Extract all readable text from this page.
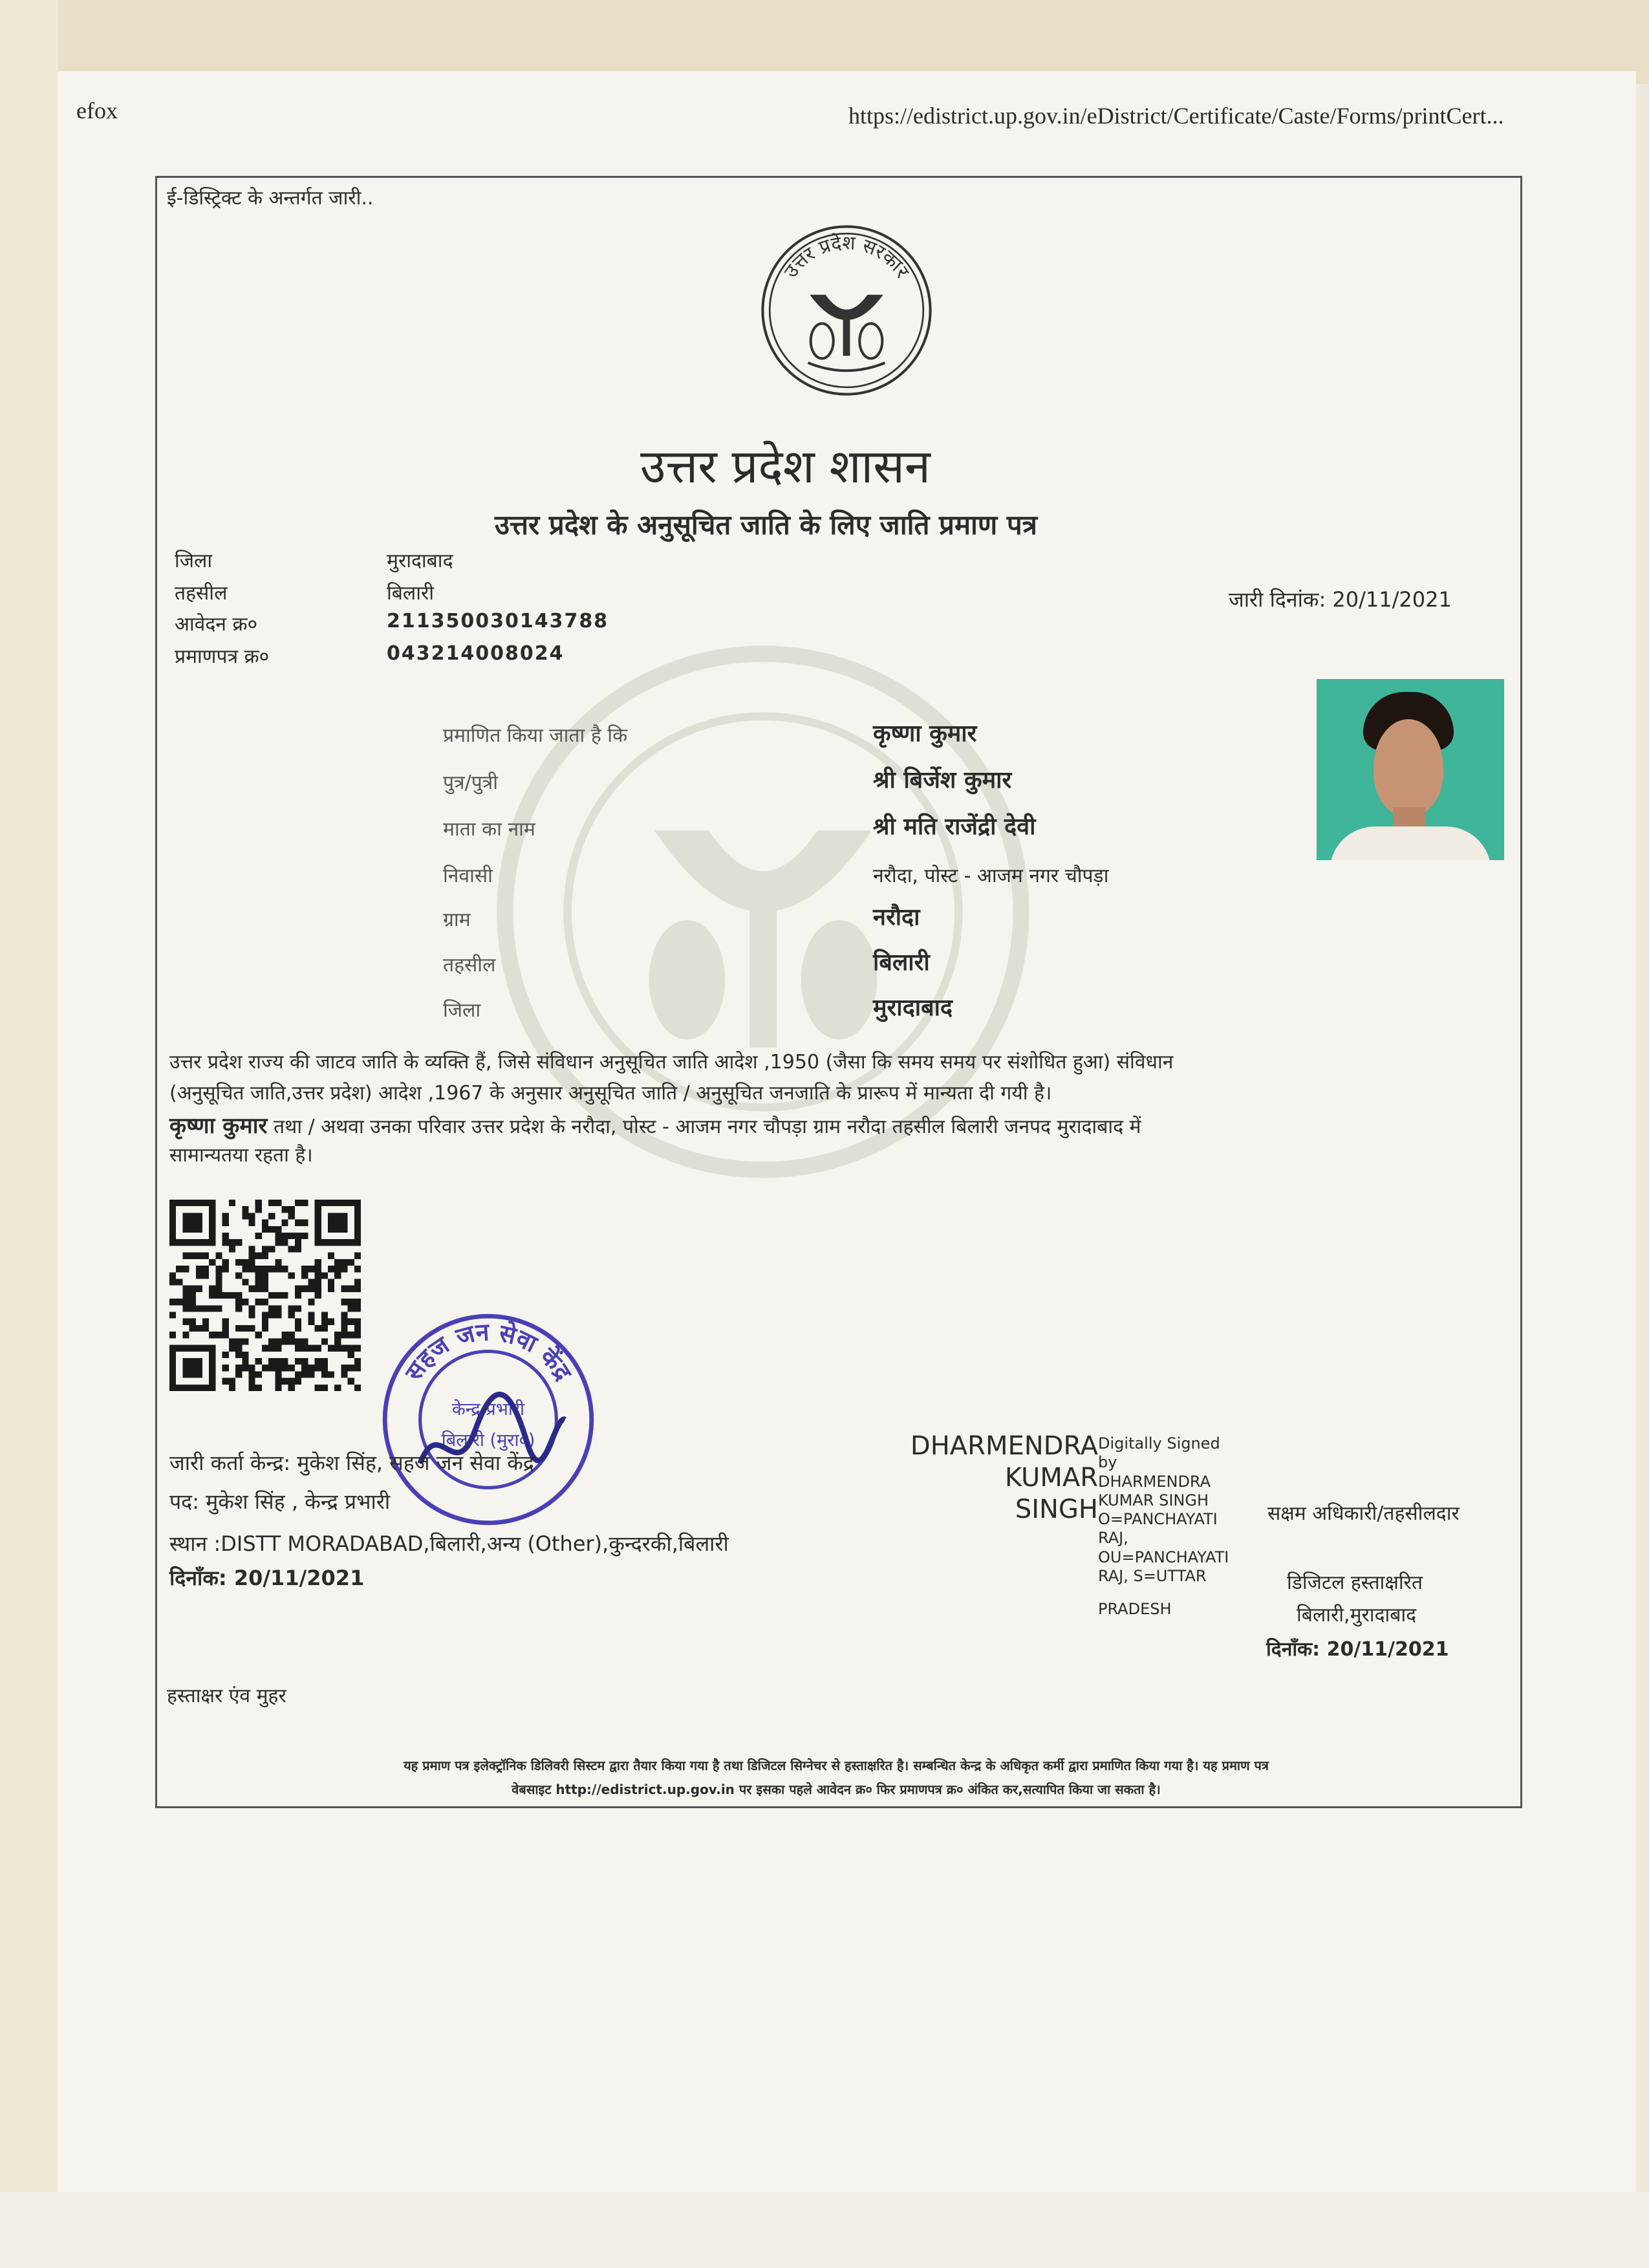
efox	https://edistrict.up.gov.in/eDistrict/Certificate/Caste/Forms/printCert...
ई-डिस्ट्रिक्ट के अन्तर्गत जारी..
उत्तर प्रदेश सरकार
उत्तर प्रदेश शासन
उत्तर प्रदेश के अनुसूचित जाति के लिए जाति प्रमाण पत्र
जिला	मुरादाबाद
तहसील	बिलारी
आवेदन क्र०	211350030143788
प्रमाणपत्र क्र०	043214008024
जारी दिनांक: 20/11/2021
प्रमाणित किया जाता है कि	कृष्णा कुमार
पुत्र/पुत्री	श्री बिर्जेश कुमार
माता का नाम	श्री मति राजेंद्री देवी
निवासी	नरौदा, पोस्ट - आजम नगर चौपड़ा
ग्राम	नरौदा
तहसील	बिलारी
जिला	मुरादाबाद
उत्तर प्रदेश राज्य की जाटव जाति के व्यक्ति हैं, जिसे संविधान अनुसूचित जाति आदेश ,1950 (जैसा कि समय समय पर संशोधित हुआ) संविधान
(अनुसूचित जाति,उत्तर प्रदेश) आदेश ,1967 के अनुसार अनुसूचित जाति / अनुसूचित जनजाति के प्रारूप में मान्यता दी गयी है।
कृष्णा कुमार तथा / अथवा उनका परिवार उत्तर प्रदेश के नरौदा, पोस्ट - आजम नगर चौपड़ा ग्राम नरौदा तहसील बिलारी जनपद मुरादाबाद में
सामान्यतया रहता है।
सहज जन सेवा केंद्र
केन्द्र प्रभारी
बिलारी (मुरा०)
जारी कर्ता केन्द्र: मुकेश सिंह, सहज जन सेवा केंद्र
पद: मुकेश सिंह , केन्द्र प्रभारी
स्थान :DISTT MORADABAD,बिलारी,अन्य (Other),कुन्दरकी,बिलारी
दिनाँक: 20/11/2021
DHARMENDRA
KUMAR
SINGH
Digitally Signed
by
DHARMENDRA
KUMAR SINGH
O=PANCHAYATI
RAJ,
OU=PANCHAYATI
RAJ, S=UTTAR
PRADESH
सक्षम अधिकारी/तहसीलदार
डिजिटल हस्ताक्षरित
बिलारी,मुरादाबाद
दिनाँक: 20/11/2021
हस्ताक्षर एंव मुहर
यह प्रमाण पत्र इलेक्ट्रॉनिक डिलिवरी सिस्टम द्वारा तैयार किया गया है तथा डिजिटल सिग्नेचर से हस्ताक्षरित है। सम्बन्धित केन्द्र के अधिकृत कर्मी द्वारा प्रमाणित किया गया है। यह प्रमाण पत्र
वेबसाइट http://edistrict.up.gov.in पर इसका पहले आवेदन क्र० फिर प्रमाणपत्र क्र० अंकित कर,सत्यापित किया जा सकता है।
